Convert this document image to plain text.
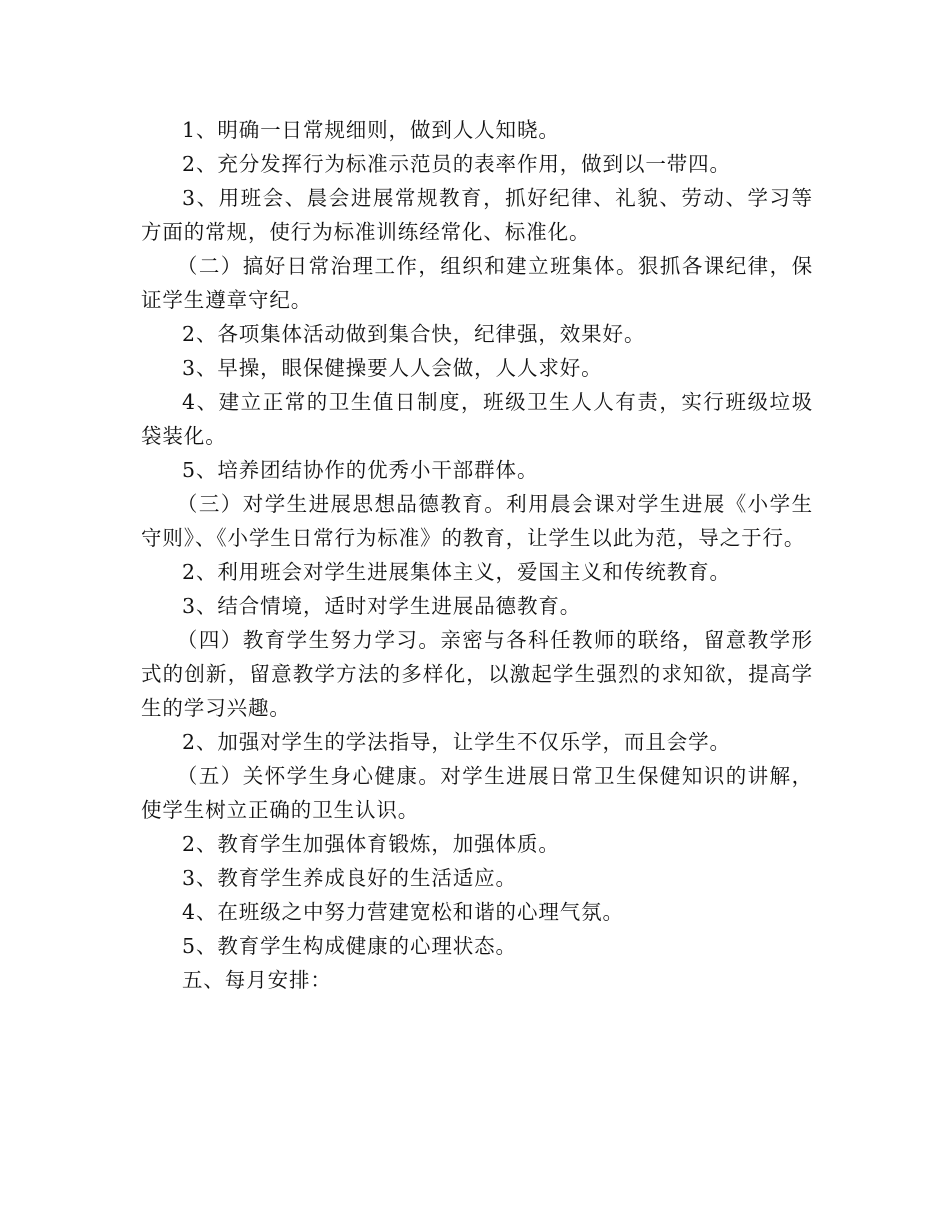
1、明确一日常规细则，做到人人知晓。

2、充分发挥行为标准示范员的表率作用，做到以一带四。

3、用班会、晨会进展常规教育，抓好纪律、礼貌、劳动、学习等方面的常规，使行为标准训练经常化、标准化。

（二）搞好日常治理工作，组织和建立班集体。狠抓各课纪律，保证学生遵章守纪。

2、各项集体活动做到集合快，纪律强，效果好。

3、早操，眼保健操要人人会做，人人求好。

4、建立正常的卫生值日制度，班级卫生人人有责，实行班级垃圾袋装化。

5、培养团结协作的优秀小干部群体。

（三）对学生进展思想品德教育。利用晨会课对学生进展《小学生守则》、《小学生日常行为标准》的教育，让学生以此为范，导之于行。

2、利用班会对学生进展集体主义，爱国主义和传统教育。

3、结合情境，适时对学生进展品德教育。

（四）教育学生努力学习。亲密与各科任教师的联络，留意教学形式的创新，留意教学方法的多样化，以激起学生强烈的求知欲，提高学生的学习兴趣。

2、加强对学生的学法指导，让学生不仅乐学，而且会学。

（五）关怀学生身心健康。对学生进展日常卫生保健知识的讲解，使学生树立正确的卫生认识。

2、教育学生加强体育锻炼，加强体质。

3、教育学生养成良好的生活适应。

4、在班级之中努力营建宽松和谐的心理气氛。

5、教育学生构成健康的心理状态。

五、每月安排：
